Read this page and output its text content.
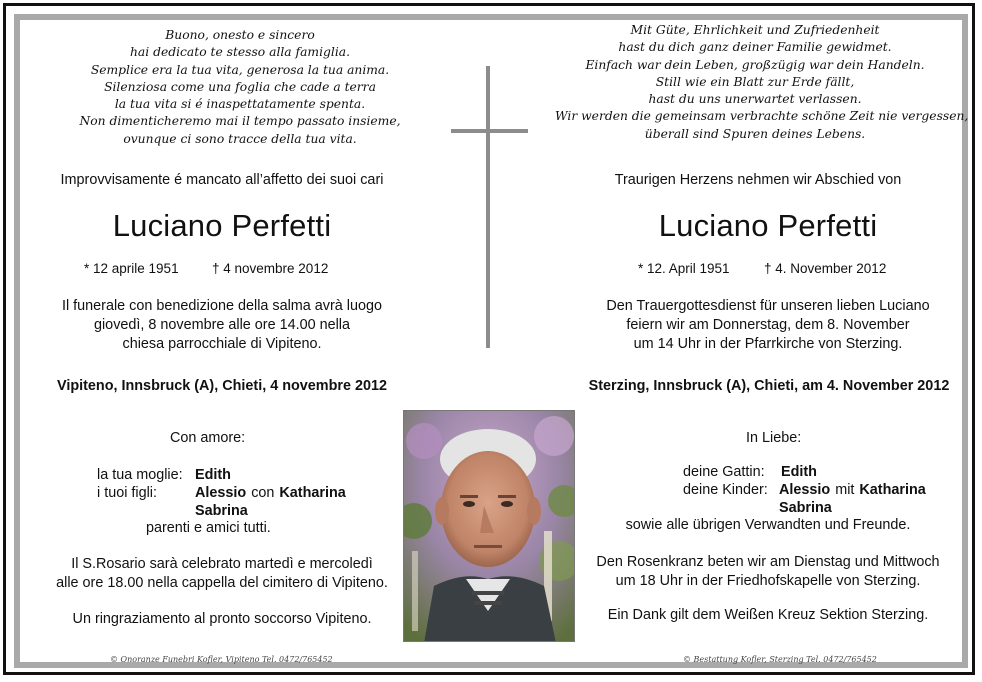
Buono, onesto e sincero
hai dedicato te stesso alla famiglia.
Semplice era la tua vita, generosa la tua anima.
Silenziosa come una foglia che cade a terra
la tua vita si é inaspettatamente spenta.
Non dimenticheremo mai il tempo passato insieme,
ovunque ci sono tracce della tua vita.
Improvvisamente é mancato all’affetto dei suoi cari
Luciano Perfetti
* 12 aprile 1951 † 4 novembre 2012
Il funerale con benedizione della salma avrà luogo
giovedì, 8 novembre alle ore 14.00 nella
chiesa parrocchiale di Vipiteno.
Vipiteno, Innsbruck (A), Chieti, 4 novembre 2012
Con amore:
la tua moglie: Edith
i tuoi figli:	Alessio con Katharina
Sabrina
parenti e amici tutti.
Il S.Rosario sarà celebrato martedì e mercoledì
alle ore 18.00 nella cappella del cimitero di Vipiteno.
Un ringraziamento al pronto soccorso Vipiteno.
© Onoranze Funebri Kofler, Vipiteno Tel. 0472/765452
Mit Güte, Ehrlichkeit und Zufriedenheit
hast du dich ganz deiner Familie gewidmet.
Einfach war dein Leben, großzügig war dein Handeln.
Still wie ein Blatt zur Erde fällt,
hast du uns unerwartet verlassen.
Wir werden die gemeinsam verbrachte schöne Zeit nie vergessen,
überall sind Spuren deines Lebens.
Traurigen Herzens nehmen wir Abschied von
Luciano Perfetti
* 12. April 1951	† 4. November 2012
Den Trauergottesdienst für unseren lieben Luciano
feiern wir am Donnerstag, dem 8. November
um 14 Uhr in der Pfarrkirche von Sterzing.
Sterzing, Innsbruck (A), Chieti, am 4. November 2012
In Liebe:
deine Gattin:	Edith
deine Kinder: Alessio mit Katharina
Sabrina
sowie alle übrigen Verwandten und Freunde.
Den Rosenkranz beten wir am Dienstag und Mittwoch
um 18 Uhr in der Friedhofskapelle von Sterzing.
Ein Dank gilt dem Weißen Kreuz Sektion Sterzing.
© Bestattung Kofler, Sterzing Tel. 0472/765452
